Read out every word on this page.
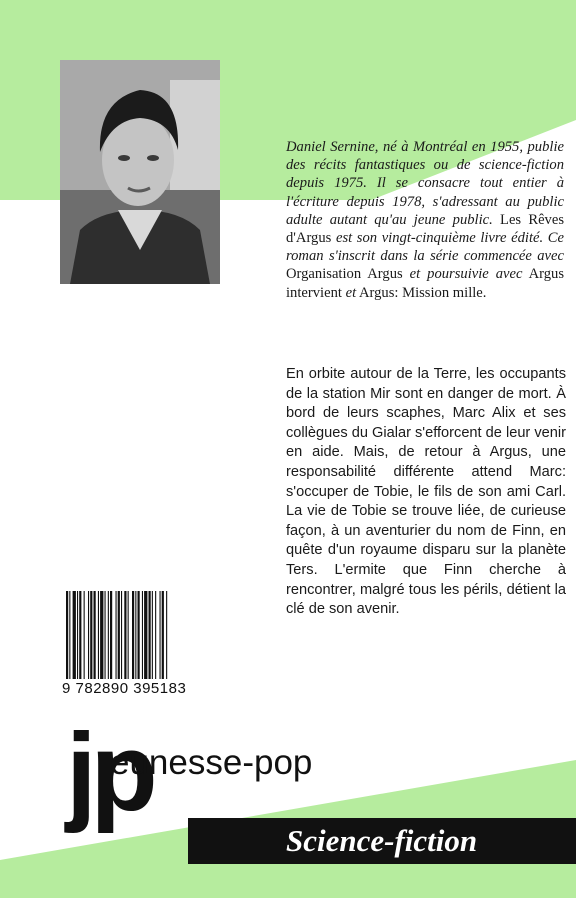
Daniel Sernine, né à Montréal en 1955, publie des récits fantastiques ou de science-fiction depuis 1975. Il se consacre tout entier à l'écriture depuis 1978, s'adressant au public adulte autant qu'au jeune public. Les Rêves d'Argus est son vingt-cinquième livre édité. Ce roman s'inscrit dans la série commencée avec Organisation Argus et poursuivie avec Argus intervient et Argus: Mission mille.
En orbite autour de la Terre, les occupants de la station Mir sont en danger de mort. À bord de leurs scaphes, Marc Alix et ses collègues du Gialar s'efforcent de leur venir en aide. Mais, de retour à Argus, une responsabilité différente attend Marc: s'occuper de Tobie, le fils de son ami Carl. La vie de Tobie se trouve liée, de curieuse façon, à un aventurier du nom de Finn, en quête d'un royaume disparu sur la planète Ters. L'ermite que Finn cherche à rencontrer, malgré tous les périls, détient la clé de son avenir.
9 782890 395183
jp
eunesse-pop
Science-fiction
